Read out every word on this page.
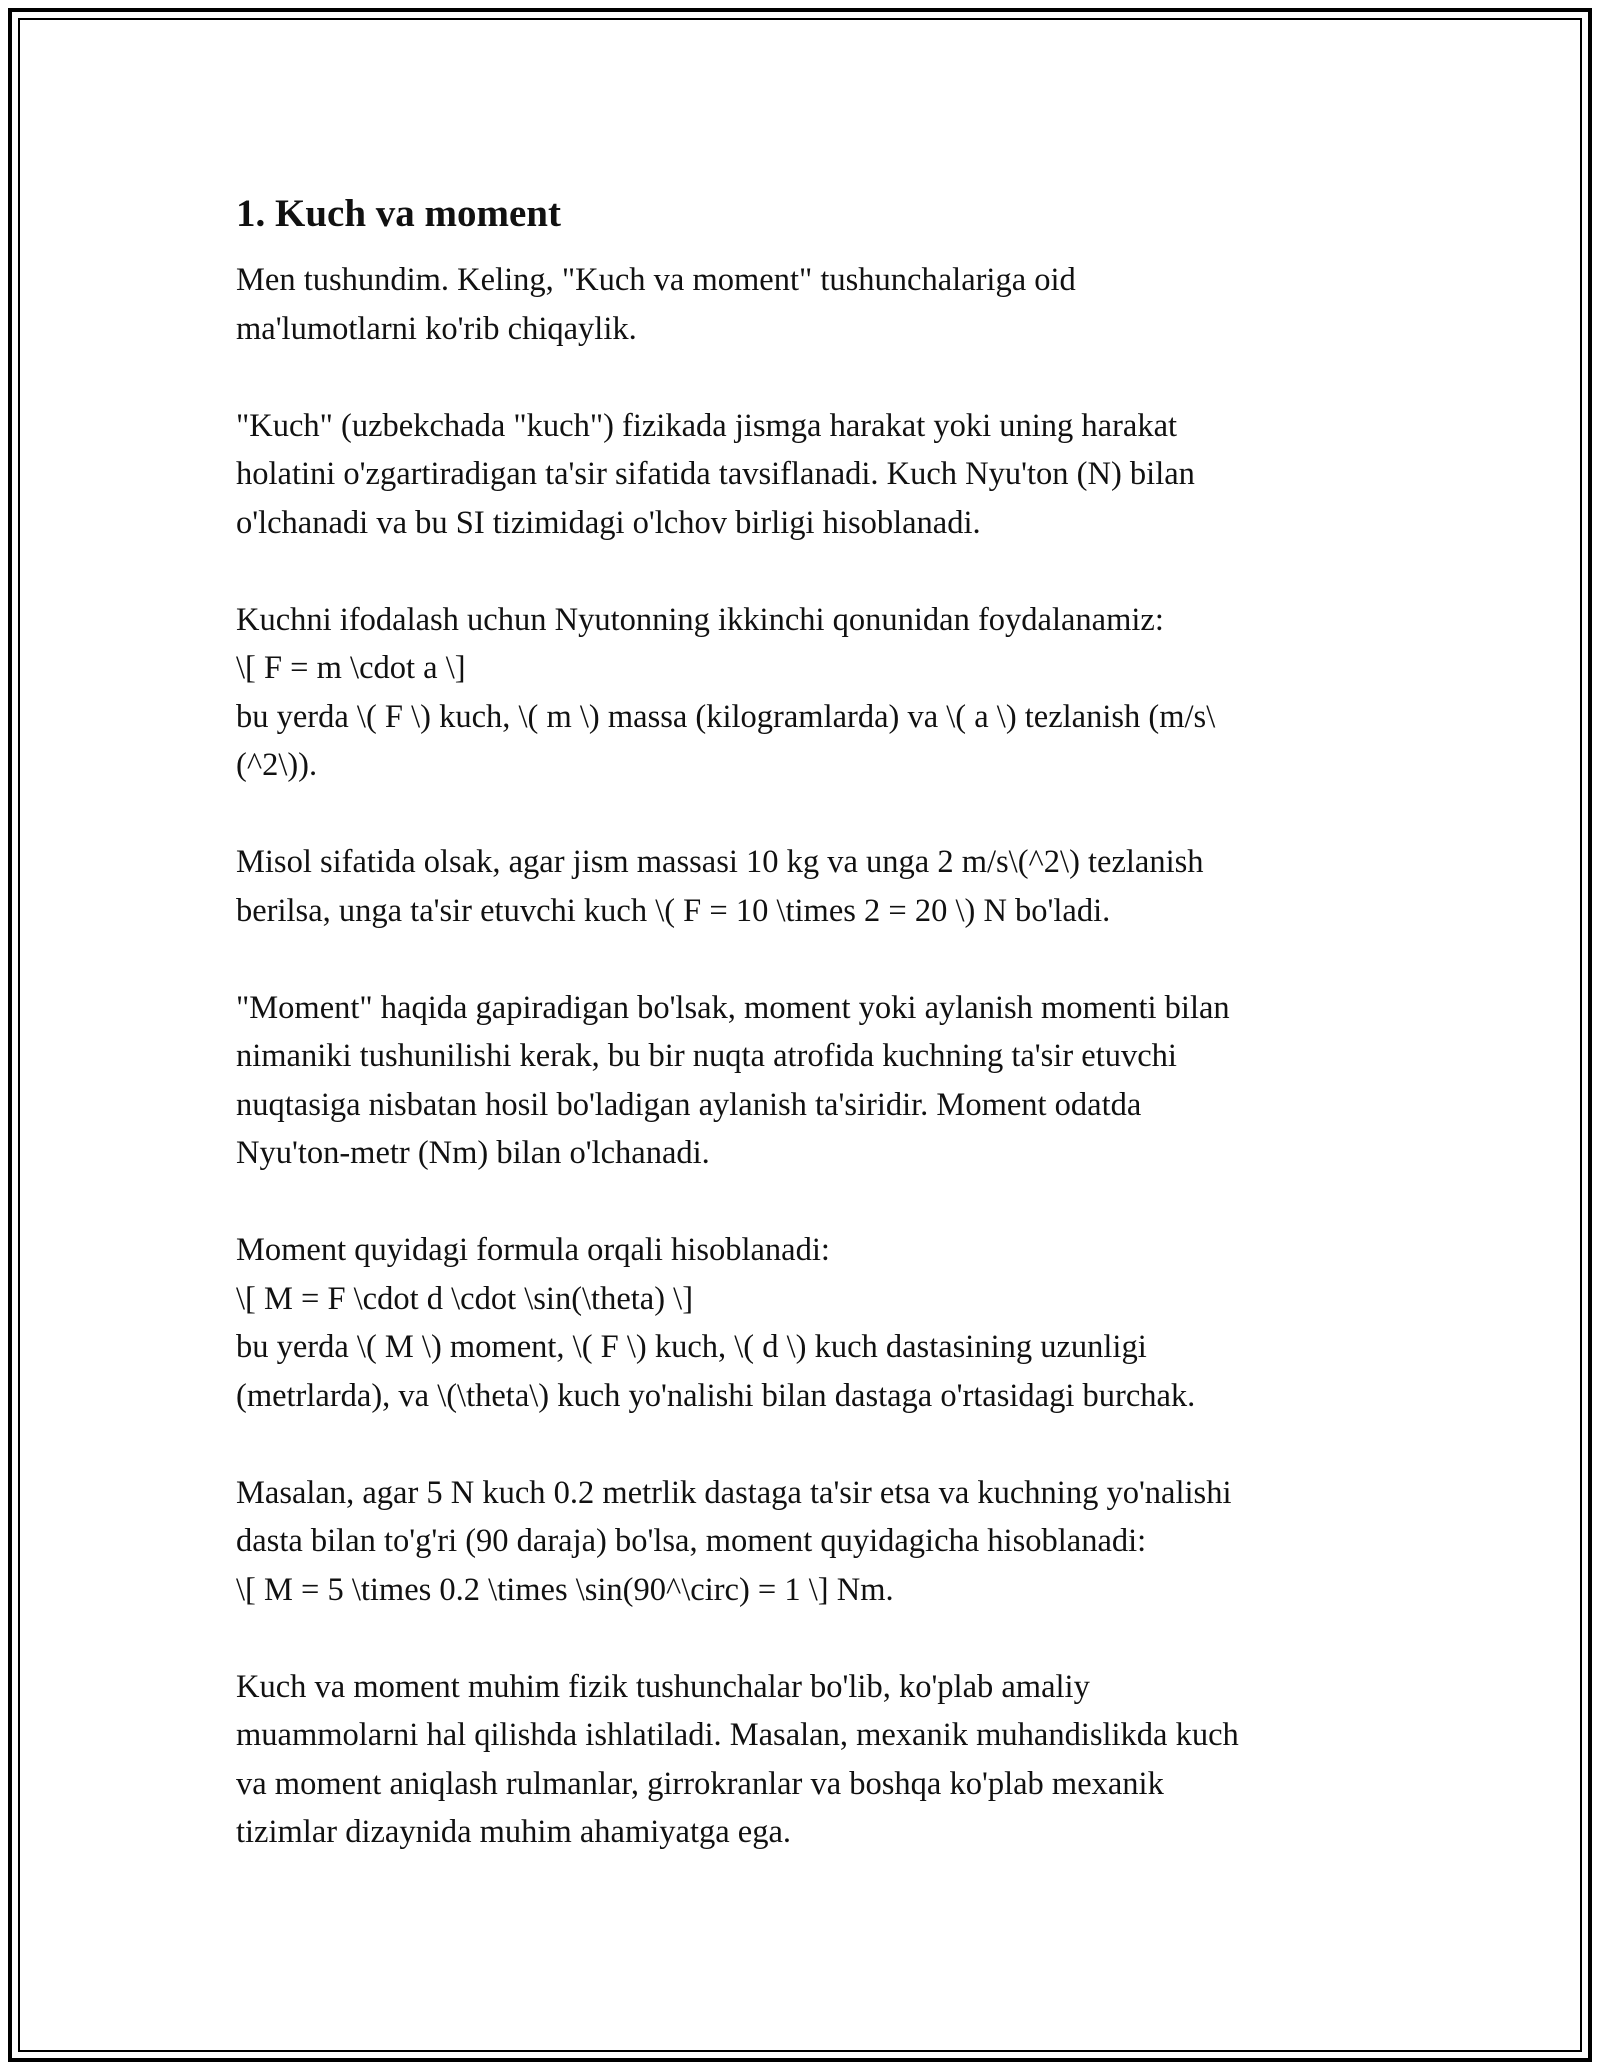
1. Kuch va moment

Men tushundim. Keling, "Kuch va moment" tushunchalariga oid
ma'lumotlarni ko'rib chiqaylik.

"Kuch" (uzbekchada "kuch") fizikada jismga harakat yoki uning harakat
holatini o'zgartiradigan ta'sir sifatida tavsiflanadi. Kuch Nyu'ton (N) bilan
o'lchanadi va bu SI tizimidagi o'lchov birligi hisoblanadi.

Kuchni ifodalash uchun Nyutonning ikkinchi qonunidan foydalanamiz:
\[ F = m \cdot a \]
bu yerda \( F \) kuch, \( m \) massa (kilogramlarda) va \( a \) tezlanish (m/s\
(^2\)).

Misol sifatida olsak, agar jism massasi 10 kg va unga 2 m/s\(^2\) tezlanish
berilsa, unga ta'sir etuvchi kuch \( F = 10 \times 2 = 20 \) N bo'ladi.

"Moment" haqida gapiradigan bo'lsak, moment yoki aylanish momenti bilan
nimaniki tushunilishi kerak, bu bir nuqta atrofida kuchning ta'sir etuvchi
nuqtasiga nisbatan hosil bo'ladigan aylanish ta'siridir. Moment odatda
Nyu'ton-metr (Nm) bilan o'lchanadi.

Moment quyidagi formula orqali hisoblanadi:
\[ M = F \cdot d \cdot \sin(\theta) \]
bu yerda \( M \) moment, \( F \) kuch, \( d \) kuch dastasining uzunligi
(metrlarda), va \(\theta\) kuch yo'nalishi bilan dastaga o'rtasidagi burchak.

Masalan, agar 5 N kuch 0.2 metrlik dastaga ta'sir etsa va kuchning yo'nalishi
dasta bilan to'g'ri (90 daraja) bo'lsa, moment quyidagicha hisoblanadi:
\[ M = 5 \times 0.2 \times \sin(90^\circ) = 1 \] Nm.

Kuch va moment muhim fizik tushunchalar bo'lib, ko'plab amaliy
muammolarni hal qilishda ishlatiladi. Masalan, mexanik muhandislikda kuch
va moment aniqlash rulmanlar, girrokranlar va boshqa ko'plab mexanik
tizimlar dizaynida muhim ahamiyatga ega.
